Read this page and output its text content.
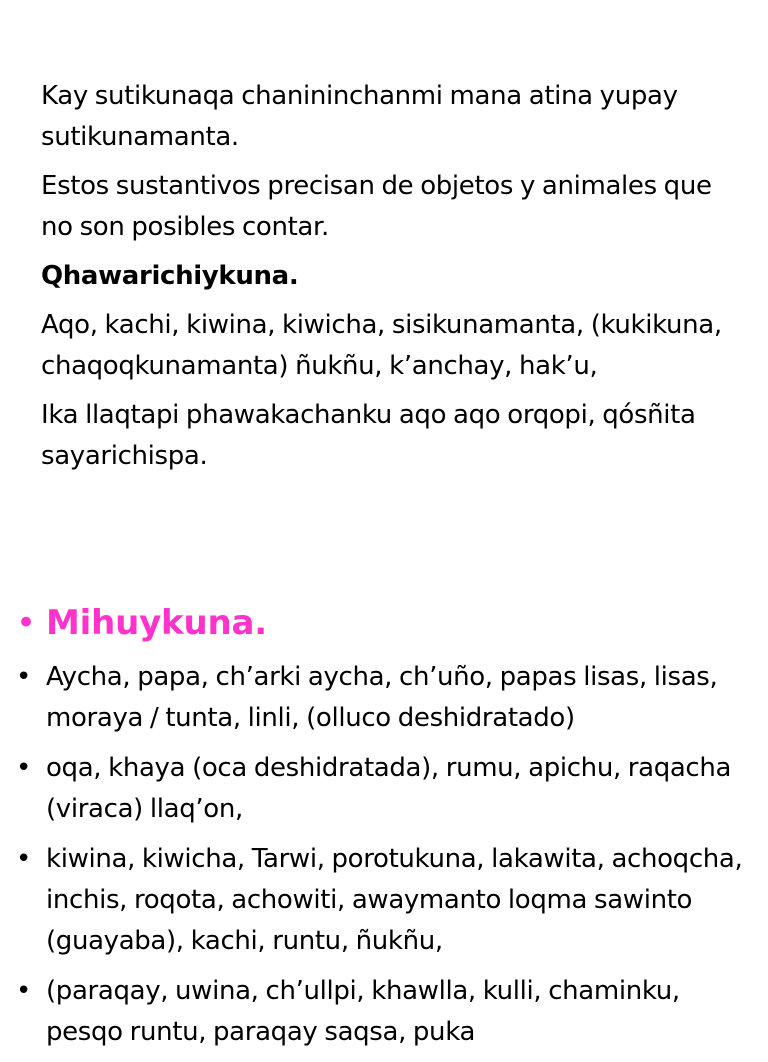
Kay sutikunaqa chanininchanmi mana atina yupay sutikunamanta.

Estos sustantivos precisan de objetos y animales que no son posibles contar.

Qhawarichiykuna.

Aqo, kachi, kiwina, kiwicha, sisikunamanta, (kukikuna, chaqoqkunamanta) ñukñu, k’anchay, hak’u,

Ika llaqtapi phawakachanku aqo aqo orqopi, qósñita sayarichispa.

• Mihuykuna.
• Aycha, papa, ch’arki aycha, ch’uño, papas lisas, lisas, moraya / tunta, linli, (olluco deshidratado)
• oqa, khaya (oca deshidratada), rumu, apichu, raqacha (viraca) llaq’on,
• kiwina, kiwicha, Tarwi, porotukuna, lakawita, achoqcha, inchis, roqota, achowiti, awaymanto loqma sawinto (guayaba), kachi, runtu, ñukñu,
• (paraqay, uwina, ch’ullpi, khawlla, kulli, chaminku, pesqo runtu, paraqay saqsa, puka
